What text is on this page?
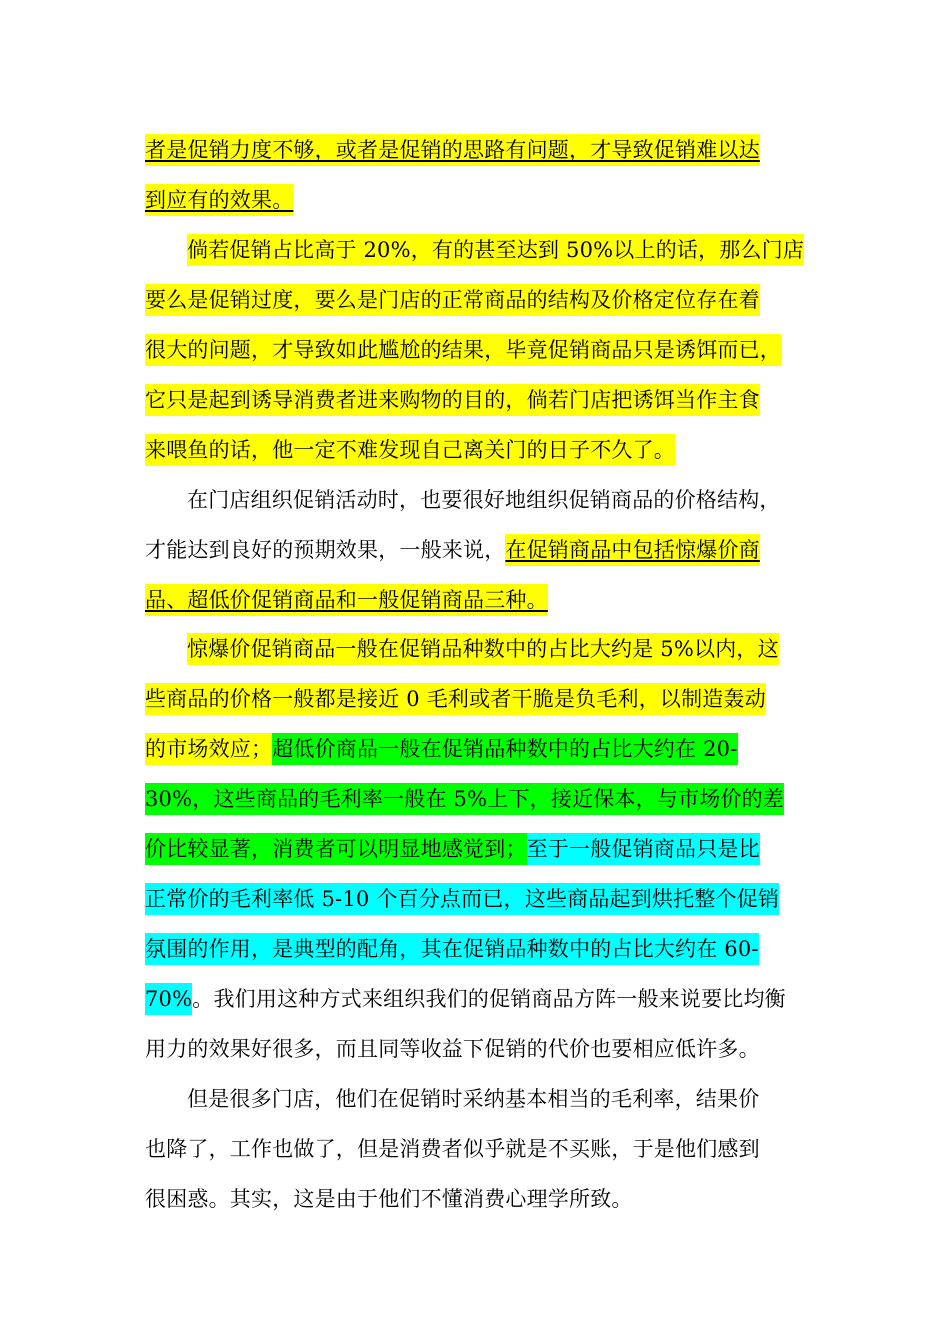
者是促销力度不够，或者是促销的思路有问题，才导致促销难以达
到应有的效果。
倘若促销占比高于 20%，有的甚至达到 50%以上的话，那么门店
要么是促销过度，要么是门店的正常商品的结构及价格定位存在着
很大的问题，才导致如此尴尬的结果，毕竟促销商品只是诱饵而已，
它只是起到诱导消费者进来购物的目的，倘若门店把诱饵当作主食
来喂鱼的话，他一定不难发现自己离关门的日子不久了。
在门店组织促销活动时，也要很好地组织促销商品的价格结构，
才能达到良好的预期效果，一般来说，在促销商品中包括惊爆价商
品、超低价促销商品和一般促销商品三种。
惊爆价促销商品一般在促销品种数中的占比大约是 5%以内，这
些商品的价格一般都是接近 0 毛利或者干脆是负毛利，以制造轰动
的市场效应；超低价商品一般在促销品种数中的占比大约在 20-
30%，这些商品的毛利率一般在 5%上下，接近保本，与市场价的差
价比较显著，消费者可以明显地感觉到；至于一般促销商品只是比
正常价的毛利率低 5-10 个百分点而已，这些商品起到烘托整个促销
氛围的作用，是典型的配角，其在促销品种数中的占比大约在 60-
70%。我们用这种方式来组织我们的促销商品方阵一般来说要比均衡
用力的效果好很多，而且同等收益下促销的代价也要相应低许多。
但是很多门店，他们在促销时采纳基本相当的毛利率，结果价
也降了，工作也做了，但是消费者似乎就是不买账，于是他们感到
很困惑。其实，这是由于他们不懂消费心理学所致。
